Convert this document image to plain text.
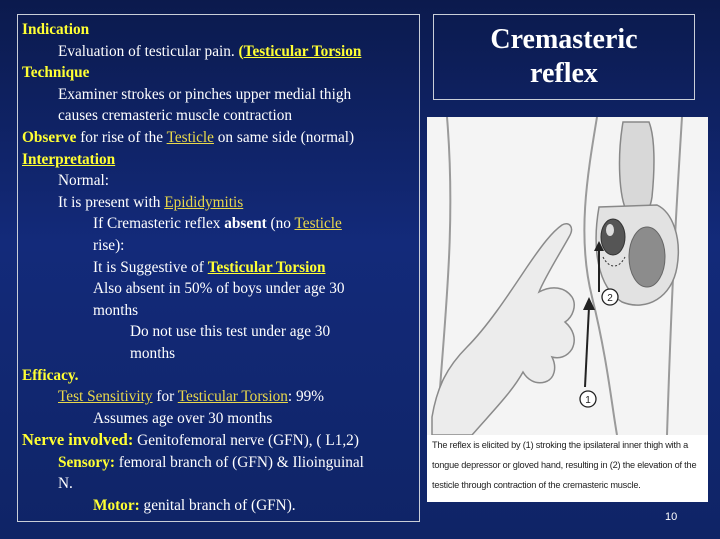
Indication
Evaluation of testicular pain. (Testicular Torsion
Technique
Examiner strokes or pinches upper medial thigh
causes cremasteric muscle contraction
Observe for rise of the Testicle on same side (normal)
Interpretation
Normal:
It is present with Epididymitis
If Cremasteric reflex absent (no Testicle
rise):
It is Suggestive of Testicular Torsion
Also absent in 50% of boys under age 30
months
Do not use this test under age 30
months
Efficacy.
Test Sensitivity for Testicular Torsion: 99%
Assumes age over 30 months
Nerve involved: Genitofemoral nerve (GFN), ( L1,2)
Sensory: femoral branch of (GFN) & Ilioinguinal
N.
Motor: genital branch of (GFN).
Cremasteric
reflex
1
2
The reflex is elicited by (1) stroking the ipsilateral inner thigh with a
tongue depressor or gloved hand, resulting in (2) the elevation of the
testicle through contraction of the cremasteric muscle.
10
